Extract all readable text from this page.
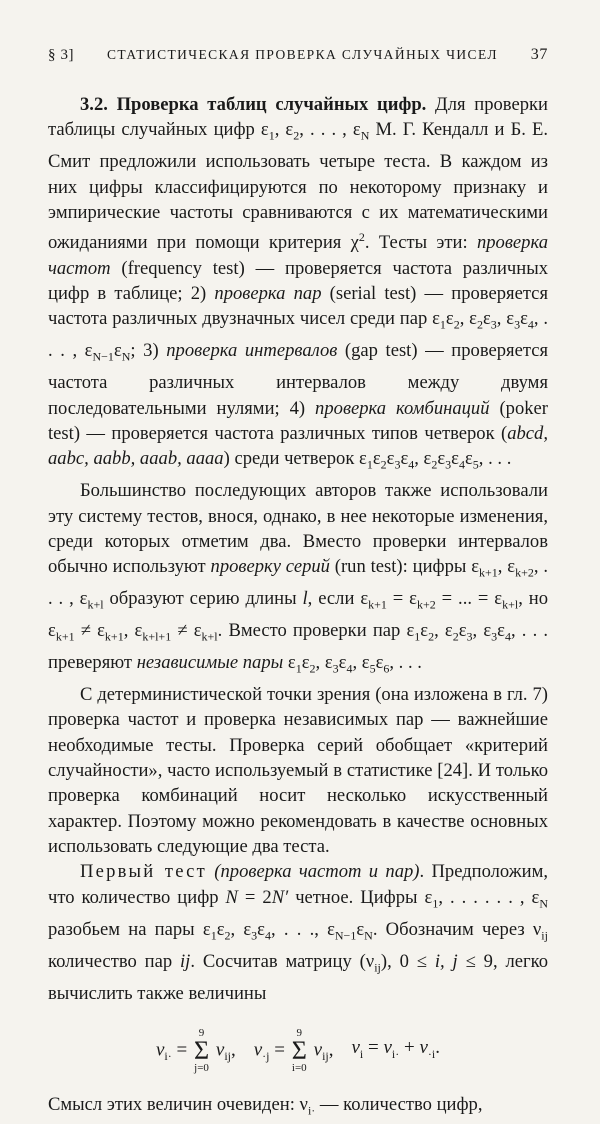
§ 3] СТАТИСТИЧЕСКАЯ ПРОВЕРКА СЛУЧАЙНЫХ ЧИСЕЛ 37

3.2. Проверка таблиц случайных цифр. Для проверки таблицы случайных цифр $\varepsilon_1$, $\varepsilon_2$, . . . , $\varepsilon_N$ М. Г. Кендалл и Б. Е. Смит предложили использовать четыре теста. В каждом из них цифры классифицируются по некоторому признаку и эмпирические частоты сравниваются с их математическими ожиданиями при помощи критерия $\chi^2$. Тесты эти: проверка частот (frequency test) — проверяется частота различных цифр в таблице; 2) проверка пар (serial test) — проверяется частота различных двузначных чисел среди пар $\varepsilon_1\varepsilon_2$, $\varepsilon_2\varepsilon_3$, $\varepsilon_3\varepsilon_4$, . . . , $\varepsilon_{N-1}\varepsilon_N$; 3) проверка интервалов (gap test) — проверяется частота различных интервалов между двумя последовательными нулями; 4) проверка комбинаций (poker test) — проверяется частота различных типов четверок (abcd, aabc, aabb, aaab, aaaa) среди четверок $\varepsilon_1\varepsilon_2\varepsilon_3\varepsilon_4$, $\varepsilon_2\varepsilon_3\varepsilon_4\varepsilon_5$, . . .

Большинство последующих авторов также использовали эту систему тестов, внося, однако, в нее некоторые изменения, среди которых отметим два. Вместо проверки интервалов обычно используют проверку серий (run test): цифры $\varepsilon_{k+1}$, $\varepsilon_{k+2}$, . . . , $\varepsilon_{k+l}$ образуют серию длины l, если $\varepsilon_{k+1} = \varepsilon_{k+2}$ = ... = $\varepsilon_{k+l}$, но $\varepsilon_{k+1} \ne \varepsilon_{k+1}$, $\varepsilon_{k+l+1} \ne \varepsilon_{k+l}$. Вместо проверки пар $\varepsilon_1\varepsilon_2$, $\varepsilon_2\varepsilon_3$, $\varepsilon_3\varepsilon_4$, . . . преверяют независимые пары $\varepsilon_1\varepsilon_2$, $\varepsilon_3\varepsilon_4$, $\varepsilon_5\varepsilon_6$, . . .

С детерминистической точки зрения (она изложена в гл. 7) проверка частот и проверка независимых пар — важнейшие необходимые тесты. Проверка серий обобщает «критерий случайности», часто используемый в статистике [24]. И только проверка комбинаций носит несколько искусственный характер. Поэтому можно рекомендовать в качестве основных использовать следующие два теста.

Первый тест (проверка частот и пар). Предположим, что количество цифр N = 2N′ четное. Цифры $\varepsilon_1$, . . . . . . , $\varepsilon_N$ разобьем на пары $\varepsilon_1\varepsilon_2$, $\varepsilon_3\varepsilon_4$, . . ., $\varepsilon_{N-1}\varepsilon_N$. Обозначим через $\nu_{ij}$ количество пар ij. Сосчитав матрицу $(\nu_{ij})$, 0 ≤ i, j ≤ 9, легко вычислить также величины

$\nu_{i\cdot}$ =
9
Σ
j=0
$\nu_{ij}$, $\nu_{\cdot j}$ =
9
Σ
i=0
$\nu_{ij}$, $\nu_i = \nu_{i\cdot} + \nu_{\cdot i}$.

Смысл этих величин очевиден: $\nu_{i\cdot}$ — количество цифр,
